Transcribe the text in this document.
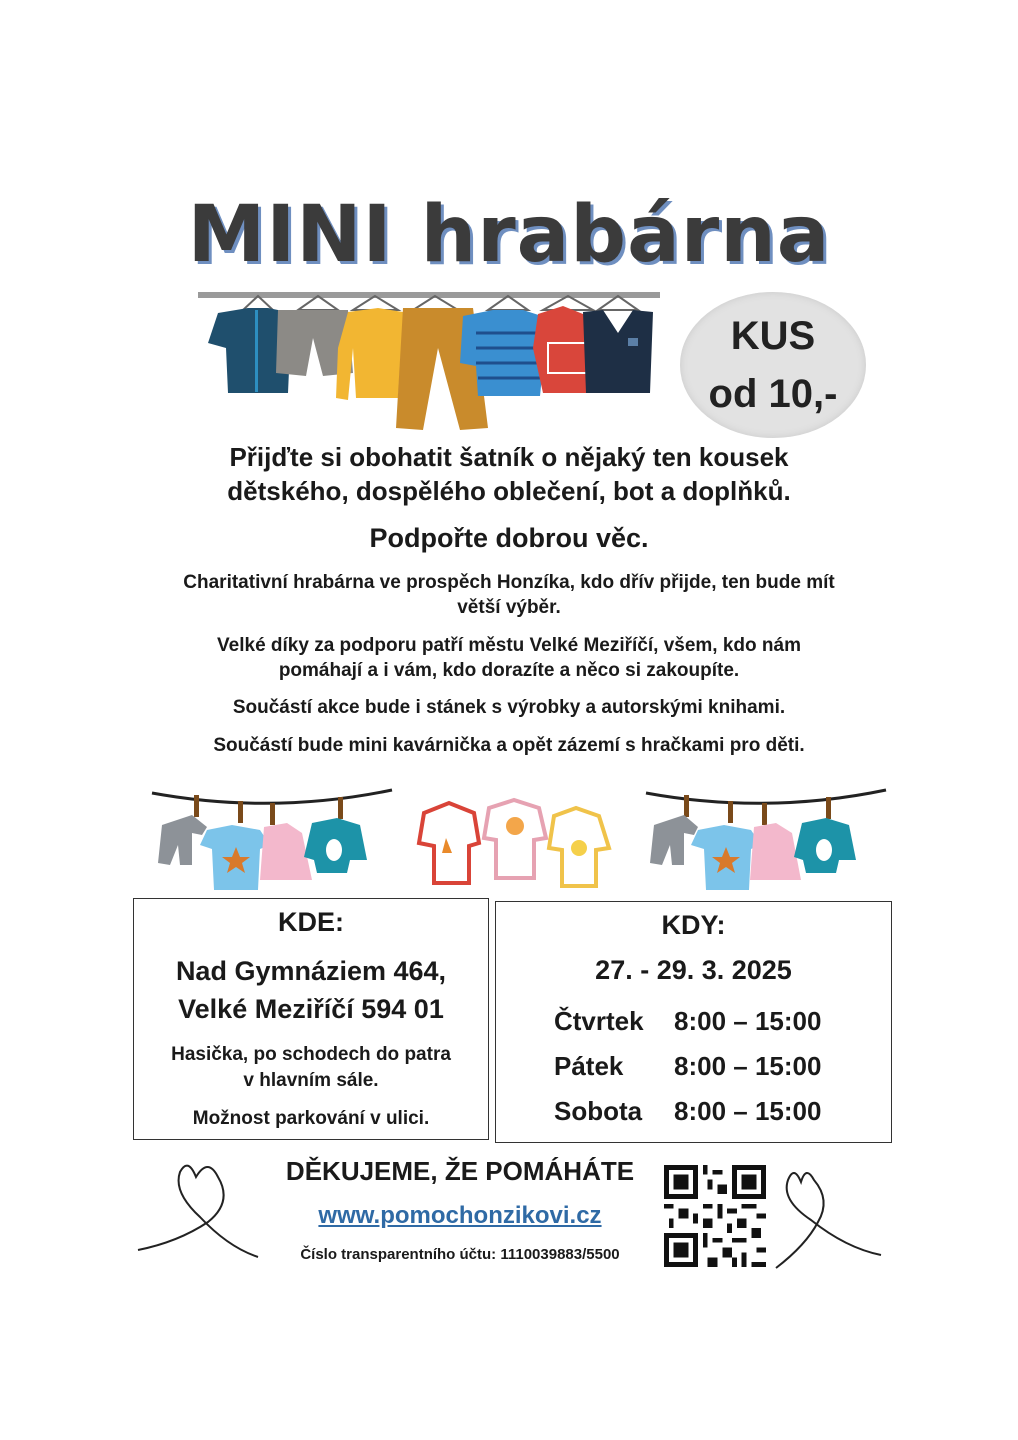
MINI hrabárna
KUS
od 10,-
Přijďte si obohatit šatník o nějaký ten kousek
dětského, dospělého oblečení, bot a doplňků.
Podpořte dobrou věc.
Charitativní hrabárna ve prospěch Honzíka, kdo dřív přijde, ten bude mít
větší výběr.
Velké díky za podporu patří městu Velké Meziříčí, všem, kdo nám
pomáhají a i vám, kdo dorazíte a něco si zakoupíte.
Součástí akce bude i stánek s výrobky a autorskými knihami.
Součástí bude mini kavárnička a opět zázemí s hračkami pro děti.
KDE:
Nad Gymnáziem 464,
Velké Meziříčí 594 01
Hasička, po schodech do patra
v hlavním sále.
Možnost parkování v ulici.
KDY:
27. - 29. 3. 2025
Čtvrtek 8:00 – 15:00
Pátek 8:00 – 15:00
Sobota 8:00 – 15:00
DĚKUJEME, ŽE POMÁHÁTE
www.pomochonzikovi.cz
Číslo transparentního účtu: 1110039883/5500
